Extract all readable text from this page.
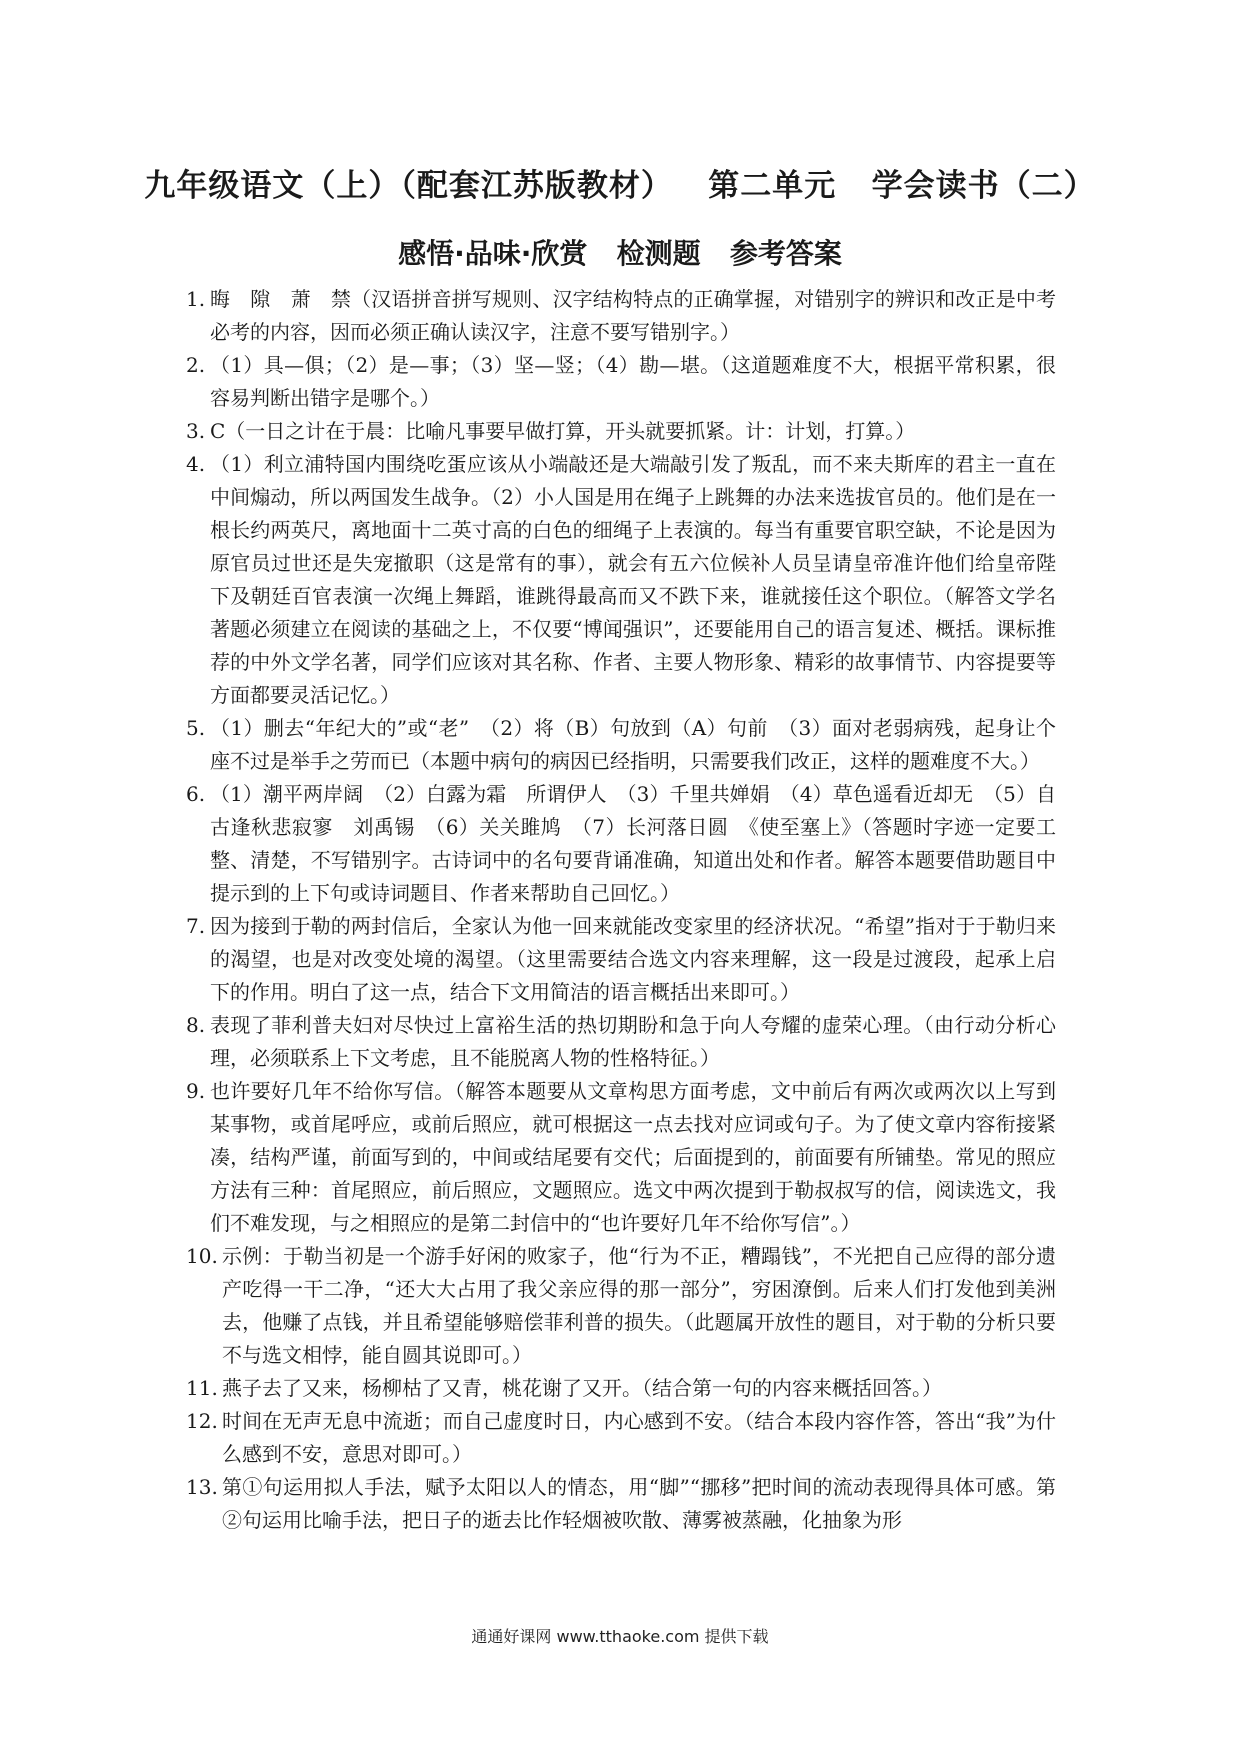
九年级语文（上）（配套江苏版教材）   第二单元   学会读书（二）
感悟·品味·欣赏   检测题   参考答案
1. 晦　隙　萧　禁（汉语拼音拼写规则、汉字结构特点的正确掌握，对错别字的辨识和改正是中考必考的内容，因而必须正确认读汉字，注意不要写错别字。）
2. （1）具—俱；（2）是—事；（3）坚—竖；（4）勘—堪。（这道题难度不大，根据平常积累，很容易判断出错字是哪个。）
3. C（一日之计在于晨：比喻凡事要早做打算，开头就要抓紧。计：计划，打算。）
4. （1）利立浦特国内围绕吃蛋应该从小端敲还是大端敲引发了叛乱，而不来夫斯库的君主一直在中间煽动，所以两国发生战争。（2）小人国是用在绳子上跳舞的办法来选拔官员的。他们是在一根长约两英尺，离地面十二英寸高的白色的细绳子上表演的。每当有重要官职空缺，不论是因为原官员过世还是失宠撤职（这是常有的事），就会有五六位候补人员呈请皇帝准许他们给皇帝陛下及朝廷百官表演一次绳上舞蹈，谁跳得最高而又不跌下来，谁就接任这个职位。（解答文学名著题必须建立在阅读的基础之上，不仅要“博闻强识”，还要能用自己的语言复述、概括。课标推荐的中外文学名著，同学们应该对其名称、作者、主要人物形象、精彩的故事情节、内容提要等方面都要灵活记忆。）
5. （1）删去“年纪大的”或“老”　（2）将（B）句放到（A）句前　（3）面对老弱病残，起身让个座不过是举手之劳而已（本题中病句的病因已经指明，只需要我们改正，这样的题难度不大。）
6. （1）潮平两岸阔　（2）白露为霜　所谓伊人　（3）千里共婵娟　（4）草色遥看近却无　（5）自古逢秋悲寂寥　刘禹锡　（6）关关雎鸠　（7）长河落日圆　《使至塞上》（答题时字迹一定要工整、清楚，不写错别字。古诗词中的名句要背诵准确，知道出处和作者。解答本题要借助题目中提示到的上下句或诗词题目、作者来帮助自己回忆。）
7. 因为接到于勒的两封信后，全家认为他一回来就能改变家里的经济状况。“希望”指对于于勒归来的渴望，也是对改变处境的渴望。（这里需要结合选文内容来理解，这一段是过渡段，起承上启下的作用。明白了这一点，结合下文用简洁的语言概括出来即可。）
8. 表现了菲利普夫妇对尽快过上富裕生活的热切期盼和急于向人夸耀的虚荣心理。（由行动分析心理，必须联系上下文考虑，且不能脱离人物的性格特征。）
9. 也许要好几年不给你写信。（解答本题要从文章构思方面考虑，文中前后有两次或两次以上写到某事物，或首尾呼应，或前后照应，就可根据这一点去找对应词或句子。为了使文章内容衔接紧凑，结构严谨，前面写到的，中间或结尾要有交代；后面提到的，前面要有所铺垫。常见的照应方法有三种：首尾照应，前后照应，文题照应。选文中两次提到于勒叔叔写的信，阅读选文，我们不难发现，与之相照应的是第二封信中的“也许要好几年不给你写信”。）
10. 示例：于勒当初是一个游手好闲的败家子，他“行为不正，糟蹋钱”，不光把自己应得的部分遗产吃得一干二净，“还大大占用了我父亲应得的那一部分”，穷困潦倒。后来人们打发他到美洲去，他赚了点钱，并且希望能够赔偿菲利普的损失。（此题属开放性的题目，对于勒的分析只要不与选文相悖，能自圆其说即可。）
11. 燕子去了又来，杨柳枯了又青，桃花谢了又开。（结合第一句的内容来概括回答。）
12. 时间在无声无息中流逝；而自己虚度时日，内心感到不安。（结合本段内容作答，答出“我”为什么感到不安，意思对即可。）
13. 第①句运用拟人手法，赋予太阳以人的情态，用“脚”“挪移”把时间的流动表现得具体可感。第②句运用比喻手法，把日子的逝去比作轻烟被吹散、薄雾被蒸融，化抽象为形
通通好课网 www.tthaoke.com 提供下载
